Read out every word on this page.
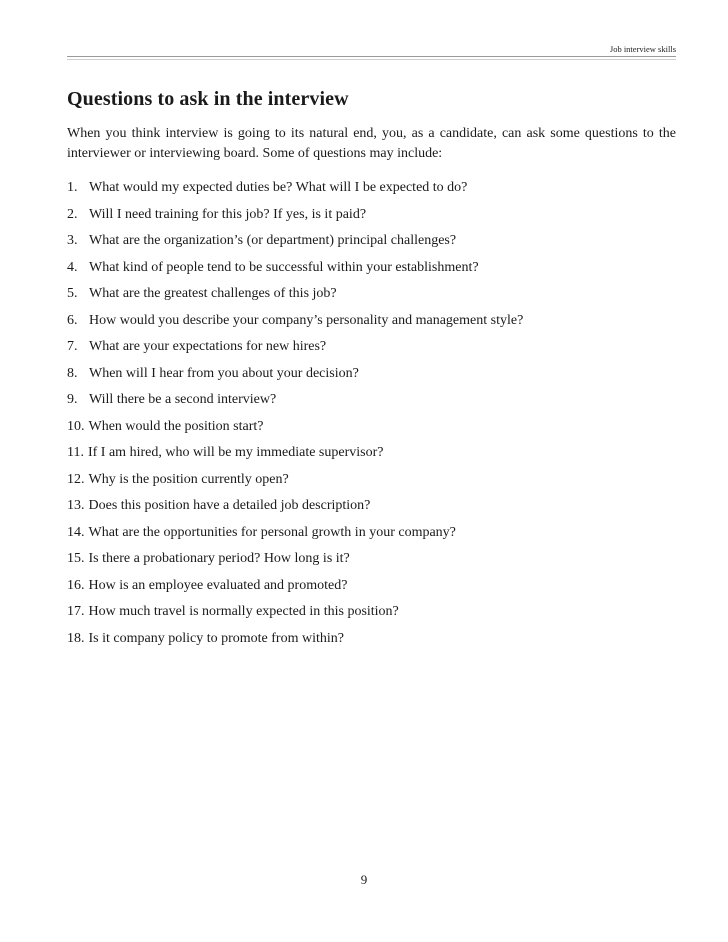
Job interview skills
Questions to ask in the interview

When you think interview is going to its natural end, you, as a candidate, can ask some questions to the interviewer or interviewing board. Some of questions may include:

1. What would my expected duties be? What will I be expected to do?
2. Will I need training for this job? If yes, is it paid?
3. What are the organization’s (or department) principal challenges?
4. What kind of people tend to be successful within your establishment?
5. What are the greatest challenges of this job?
6. How would you describe your company’s personality and management style?
7. What are your expectations for new hires?
8. When will I hear from you about your decision?
9. Will there be a second interview?
10. When would the position start?
11. If I am hired, who will be my immediate supervisor?
12. Why is the position currently open?
13. Does this position have a detailed job description?
14. What are the opportunities for personal growth in your company?
15. Is there a probationary period? How long is it?
16. How is an employee evaluated and promoted?
17. How much travel is normally expected in this position?
18. Is it company policy to promote from within?
9
